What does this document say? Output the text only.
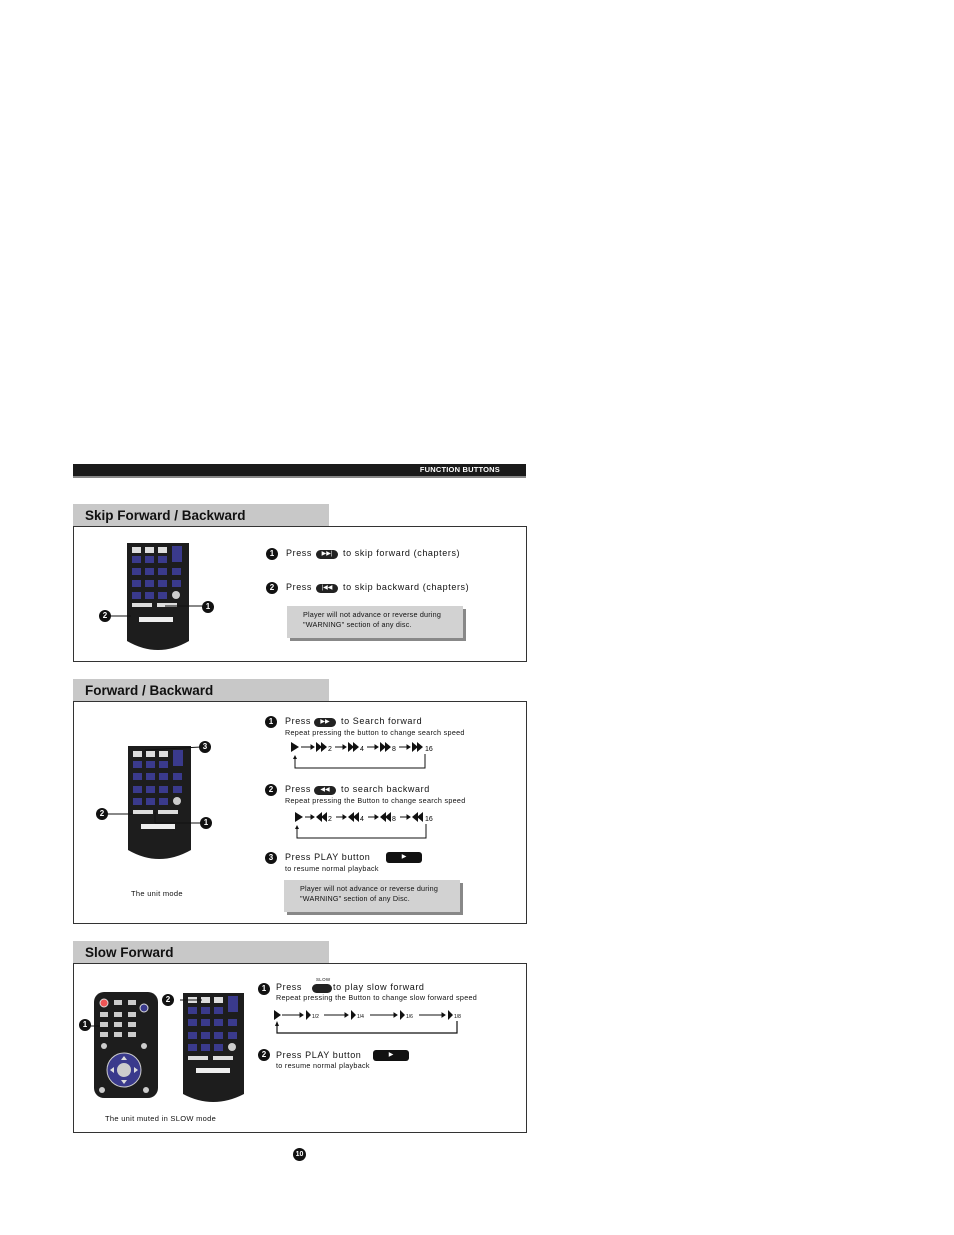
FUNCTION BUTTONS
Skip Forward / Backward
2
1
1	Press	▶▶|	to skip forward (chapters)
2	Press	|◀◀	to skip backward (chapters)
Player will not advance or reverse during
"WARNING" section of any disc.
Forward / Backward
3
2
1
The unit mode
1	Press	▶▶	to Search forward
Repeat pressing the button to change search speed
2	4	8	16
2	Press	◀◀	to search backward
Repeat pressing the Button to change search speed
2	4	8	16
3	Press PLAY button	▶
to resume normal playback
Player will not advance or reverse during
"WARNING" section of any Disc.
Slow Forward
1
2
The unit muted in SLOW mode
1	Press
SLOW
to play slow forward
Repeat pressing the Button to change slow forward speed
1/2	1/4	1/6	1/8
2	Press PLAY button	▶
to resume normal playback
10
